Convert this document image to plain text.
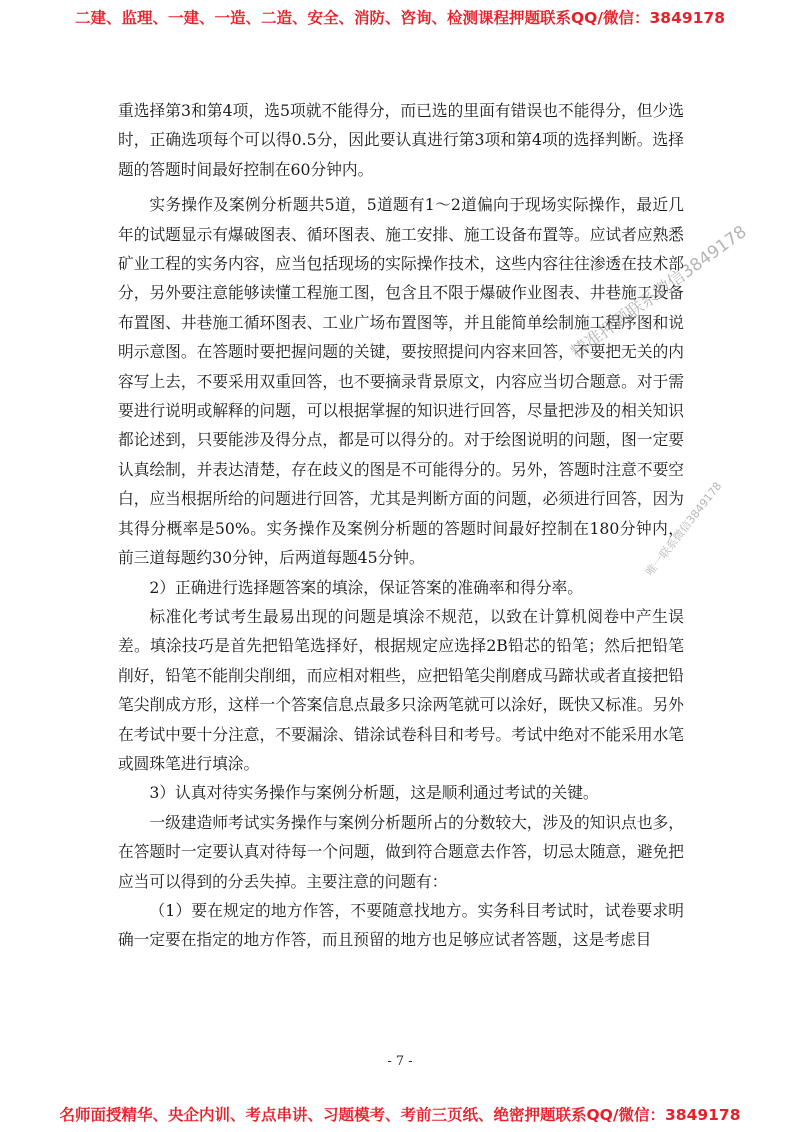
二建、监理、一建、一造、二造、安全、消防、咨询、检测课程押题联系QQ/微信：3849178

重选择第3和第4项，选5项就不能得分，而已选的里面有错误也不能得分，但少选时，正确选项每个可以得0.5分，因此要认真进行第3项和第4项的选择判断。选择题的答题时间最好控制在60分钟内。

实务操作及案例分析题共5道，5道题有1～2道偏向于现场实际操作，最近几年的试题显示有爆破图表、循环图表、施工安排、施工设备布置等。应试者应熟悉矿业工程的实务内容，应当包括现场的实际操作技术，这些内容往往渗透在技术部分，另外要注意能够读懂工程施工图，包含且不限于爆破作业图表、井巷施工设备布置图、井巷施工循环图表、工业广场布置图等，并且能简单绘制施工程序图和说明示意图。在答题时要把握问题的关键，要按照提问内容来回答，不要把无关的内容写上去，不要采用双重回答，也不要摘录背景原文，内容应当切合题意。对于需要进行说明或解释的问题，可以根据掌握的知识进行回答，尽量把涉及的相关知识都论述到，只要能涉及得分点，都是可以得分的。对于绘图说明的问题，图一定要认真绘制，并表达清楚，存在歧义的图是不可能得分的。另外，答题时注意不要空白，应当根据所给的问题进行回答，尤其是判断方面的问题，必须进行回答，因为其得分概率是50%。实务操作及案例分析题的答题时间最好控制在180分钟内，前三道每题约30分钟，后两道每题45分钟。

2）正确进行选择题答案的填涂，保证答案的准确率和得分率。

标准化考试考生最易出现的问题是填涂不规范，以致在计算机阅卷中产生误差。填涂技巧是首先把铅笔选择好，根据规定应选择2B铅芯的铅笔；然后把铅笔削好，铅笔不能削尖削细，而应相对粗些，应把铅笔尖削磨成马蹄状或者直接把铅笔尖削成方形，这样一个答案信息点最多只涂两笔就可以涂好，既快又标准。另外在考试中要十分注意，不要漏涂、错涂试卷科目和考号。考试中绝对不能采用水笔或圆珠笔进行填涂。

3）认真对待实务操作与案例分析题，这是顺利通过考试的关键。

一级建造师考试实务操作与案例分析题所占的分数较大，涉及的知识点也多，在答题时一定要认真对待每一个问题，做到符合题意去作答，切忌太随意，避免把应当可以得到的分丢失掉。主要注意的问题有：

（1）要在规定的地方作答，不要随意找地方。实务科目考试时，试卷要求明确一定要在指定的地方作答，而且预留的地方也足够应试者答题，这是考虑目

精准押题联系微信3849178
唯一联系微信3849178
- 7 -
名师面授精华、央企内训、考点串讲、习题模考、考前三页纸、绝密押题联系QQ/微信：3849178
